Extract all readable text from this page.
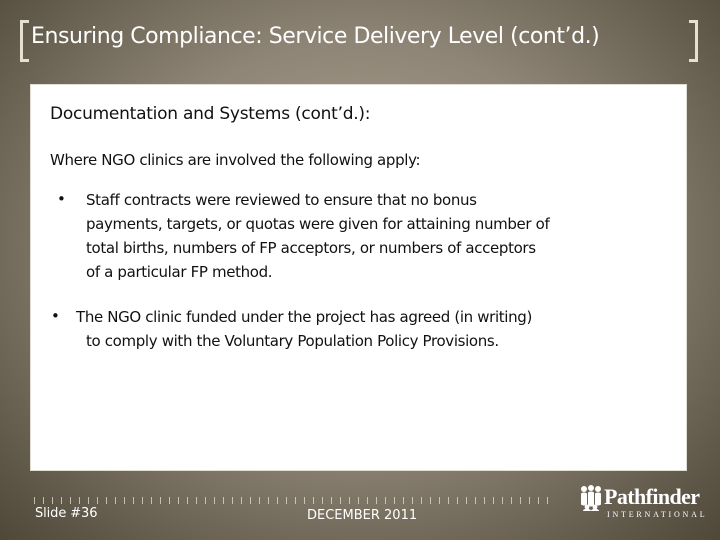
Ensuring Compliance: Service Delivery Level (cont’d.)
Documentation and Systems (cont’d.):
Where NGO clinics are involved the following apply:
• Staff contracts were reviewed to ensure that no bonus
payments, targets, or quotas were given for attaining number of
total births, numbers of FP acceptors, or numbers of acceptors
of a particular FP method.
• The NGO clinic funded under the project has agreed (in writing)
to comply with the Voluntary Population Policy Provisions.
Slide #36	DECEMBER 2011
Pathfinder
INTERNATIONAL
